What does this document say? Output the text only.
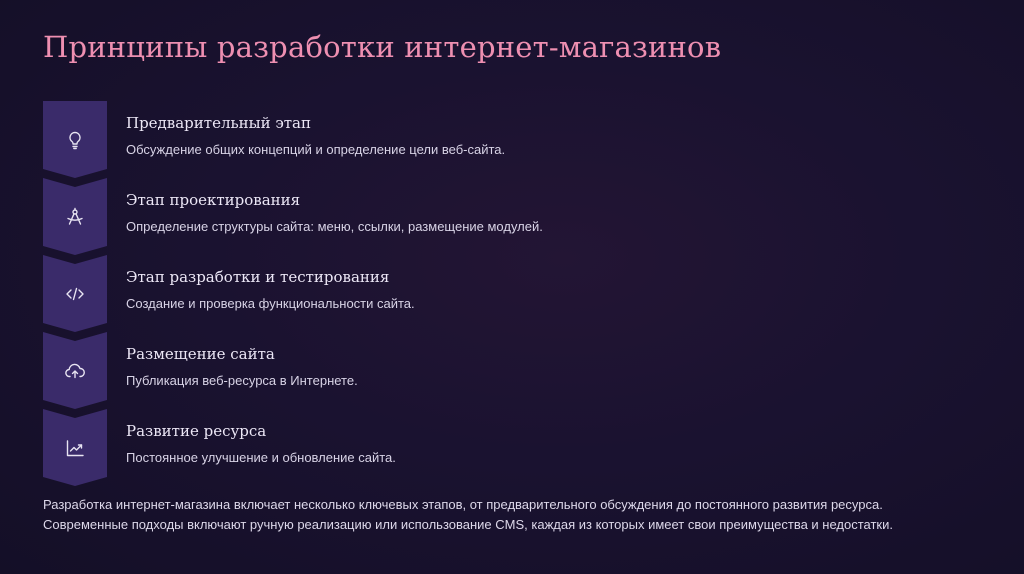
Принципы разработки интернет-магазинов
Предварительный этап
Обсуждение общих концепций и определение цели веб-сайта.
Этап проектирования
Определение структуры сайта: меню, ссылки, размещение модулей.
Этап разработки и тестирования
Создание и проверка функциональности сайта.
Размещение сайта
Публикация веб-ресурса в Интернете.
Развитие ресурса
Постоянное улучшение и обновление сайта.

Разработка интернет-магазина включает несколько ключевых этапов, от предварительного обсуждения до постоянного развития ресурса.
Современные подходы включают ручную реализацию или использование CMS, каждая из которых имеет свои преимущества и недостатки.
